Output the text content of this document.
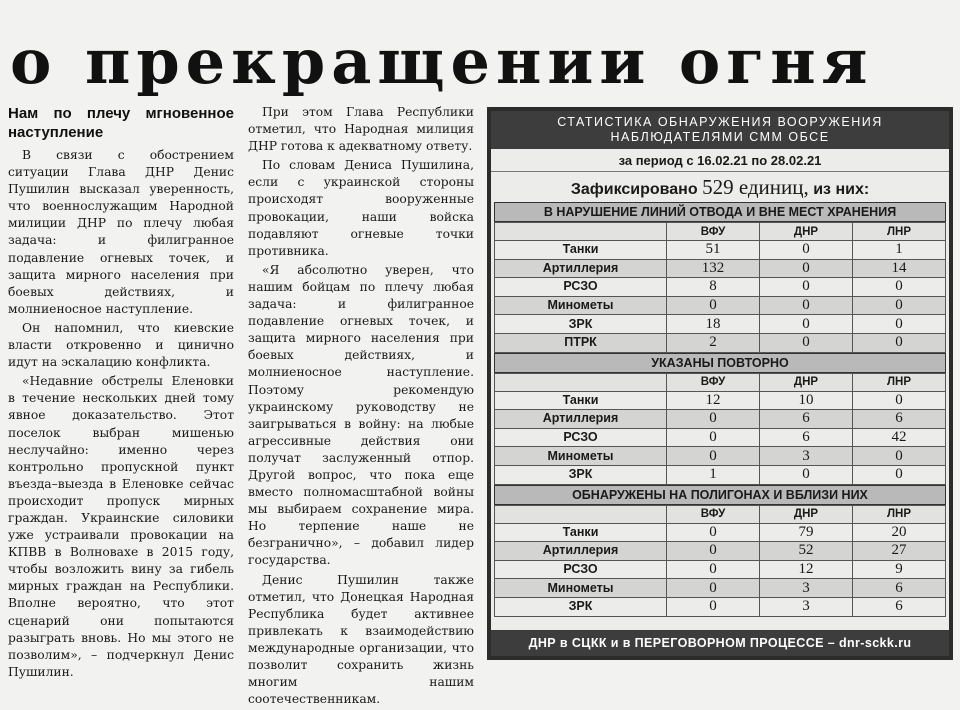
о прекращении огня
Нам по плечу мгновенное наступление

В связи с обострением ситуации Глава ДНР Денис Пушилин высказал уверенность, что военнослужащим Народной милиции ДНР по плечу любая задача: и филигранное подавление огневых точек, и защита мирного населения при боевых действиях, и молниеносное наступление.

Он напомнил, что киевские власти откровенно и цинично идут на эскалацию конфликта.

«Недавние обстрелы Еленовки в течение нескольких дней тому явное доказательство. Этот поселок выбран мишенью неслучайно: именно через контрольно пропускной пункт въезда–выезда в Еленовке сейчас происходит пропуск мирных граждан. Украинские силовики уже устраивали провокации на КПВВ в Волновахе в 2015 году, чтобы возложить вину за гибель мирных граждан на Республики. Вполне вероятно, что этот сценарий они попытаются разыграть вновь. Но мы этого не позволим», – подчеркнул Денис Пушилин.

При этом Глава Республики отметил, что Народная милиция ДНР готова к адекватному ответу.

По словам Дениса Пушилина, если с украинской стороны происходят вооруженные провокации, наши войска подавляют огневые точки противника.

«Я абсолютно уверен, что нашим бойцам по плечу любая задача: и филигранное подавление огневых точек, и защита мирного населения при боевых действиях, и молниеносное наступление. Поэтому рекомендую украинскому руководству не заигрываться в войну: на любые агрессивные действия они получат заслуженный отпор. Другой вопрос, что пока еще вместо полномасштабной войны мы выбираем сохранение мира. Но терпение наше не безгранично», – добавил лидер государства.

Денис Пушилин также отметил, что Донецкая Народная Республика будет активнее привлекать к взаимодействию международные организации, что позволит сохранить жизнь многим нашим соотечественникам.

СТАТИСТИКА ОБНАРУЖЕНИЯ ВООРУЖЕНИЯ
НАБЛЮДАТЕЛЯМИ СММ ОБСЕ
за период с 16.02.21 по 28.02.21
Зафиксировано 529 единиц, из них:
В НАРУШЕНИЕ ЛИНИЙ ОТВОДА И ВНЕ МЕСТ ХРАНЕНИЯ
	ВФУ	ДНР	ЛНР
Танки	51	0	1
Артиллерия	132	0	14
РСЗО	8	0	0
Минометы	0	0	0
ЗРК	18	0	0
ПТРК	2	0	0
УКАЗАНЫ ПОВТОРНО
	ВФУ	ДНР	ЛНР
Танки	12	10	0
Артиллерия	0	6	6
РСЗО	0	6	42
Минометы	0	3	0
ЗРК	1	0	0
ОБНАРУЖЕНЫ НА ПОЛИГОНАХ И ВБЛИЗИ НИХ
	ВФУ	ДНР	ЛНР
Танки	0	79	20
Артиллерия	0	52	27
РСЗО	0	12	9
Минометы	0	3	6
ЗРК	0	3	6
ДНР в СЦКК и в ПЕРЕГОВОРНОМ ПРОЦЕССЕ – dnr-sckk.ru
